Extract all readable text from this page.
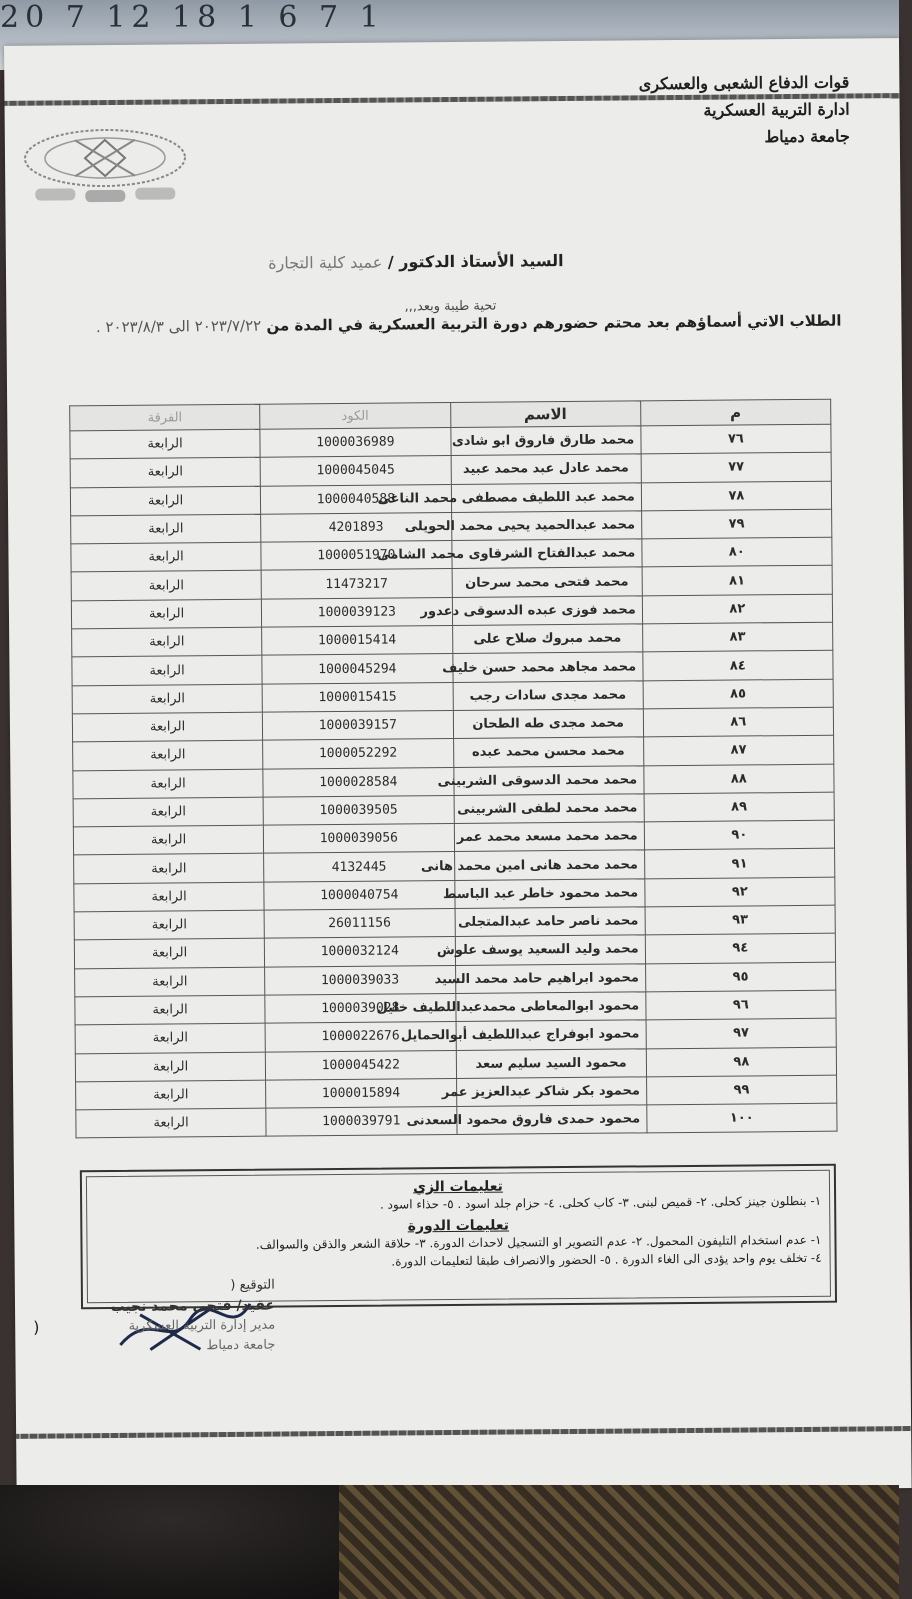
20 7 12 18 1 6 7 1
قوات الدفاع الشعبى والعسكرى
ادارة التربية العسكرية
جامعة دمياط
السيد الأستاذ الدكتور / عميد كلية التجارة
تحية طيبة وبعد,,,
الطلاب الاتي أسماؤهم بعد محتم حضورهم دورة التربية العسكرية في المدة من ٢٠٢٣/٧/٢٢ الى ٢٠٢٣/٨/٣ .
م	الاسم	الكود	الفرقة
٧٦	محمد طارق فاروق ابو شادى	1000036989	الرابعة
٧٧	محمد عادل عبد محمد عبيد	1000045045	الرابعة
٧٨	محمد عبد اللطيف مصطفى محمد الناغى	1000040588	الرابعة
٧٩	محمد عبدالحميد يحيى محمد الحويلى	4201893	الرابعة
٨٠	محمد عبدالفتاح الشرقاوى محمد الشامى	1000051970	الرابعة
٨١	محمد فتحى محمد سرحان	11473217	الرابعة
٨٢	محمد فوزى عبده الدسوقى دعدور	1000039123	الرابعة
٨٣	محمد مبروك صلاح على	1000015414	الرابعة
٨٤	محمد مجاهد محمد حسن خليف	1000045294	الرابعة
٨٥	محمد مجدى سادات رجب	1000015415	الرابعة
٨٦	محمد مجدى طه الطحان	1000039157	الرابعة
٨٧	محمد محسن محمد عبده	1000052292	الرابعة
٨٨	محمد محمد الدسوقى الشربينى	1000028584	الرابعة
٨٩	محمد محمد لطفى الشربينى	1000039505	الرابعة
٩٠	محمد محمد مسعد محمد عمر	1000039056	الرابعة
٩١	محمد محمد هانى امين محمد هانى	4132445	الرابعة
٩٢	محمد محمود خاطر عبد الباسط	1000040754	الرابعة
٩٣	محمد ناصر حامد عبدالمتجلى	26011156	الرابعة
٩٤	محمد وليد السعيد يوسف علوش	1000032124	الرابعة
٩٥	محمود ابراهيم حامد محمد السيد	1000039033	الرابعة
٩٦	محمود ابوالمعاطى محمدعبداللطيف خليل	1000039028	الرابعة
٩٧	محمود ابوفراج عبداللطيف أبوالحمايل	1000022676	الرابعة
٩٨	محمود السيد سليم سعد	1000045422	الرابعة
٩٩	محمود بكر شاكر عبدالعزيز عمر	1000015894	الرابعة
١٠٠	محمود حمدى فاروق محمود السعدنى	1000039791	الرابعة
تعليمات الزي
١- بنطلون جينز كحلى. ٢- قميص لبنى. ٣- كاب كحلى. ٤- حزام جلد اسود . ٥- حذاء اسود .
تعليمات الدورة
١- عدم استخدام التليفون المحمول. ٢- عدم التصوير او التسجيل لاحداث الدورة. ٣- حلاقة الشعر والذقن والسوالف.
٤- تخلف يوم واحد يؤدى الى الغاء الدورة . ٥- الحضور والانصراف طبقا لتعليمات الدورة.
)
التوقيع (
عقيد/ فتحى محمد نجيب
مدير إدارة التربية العسكرية
جامعة دمياط
